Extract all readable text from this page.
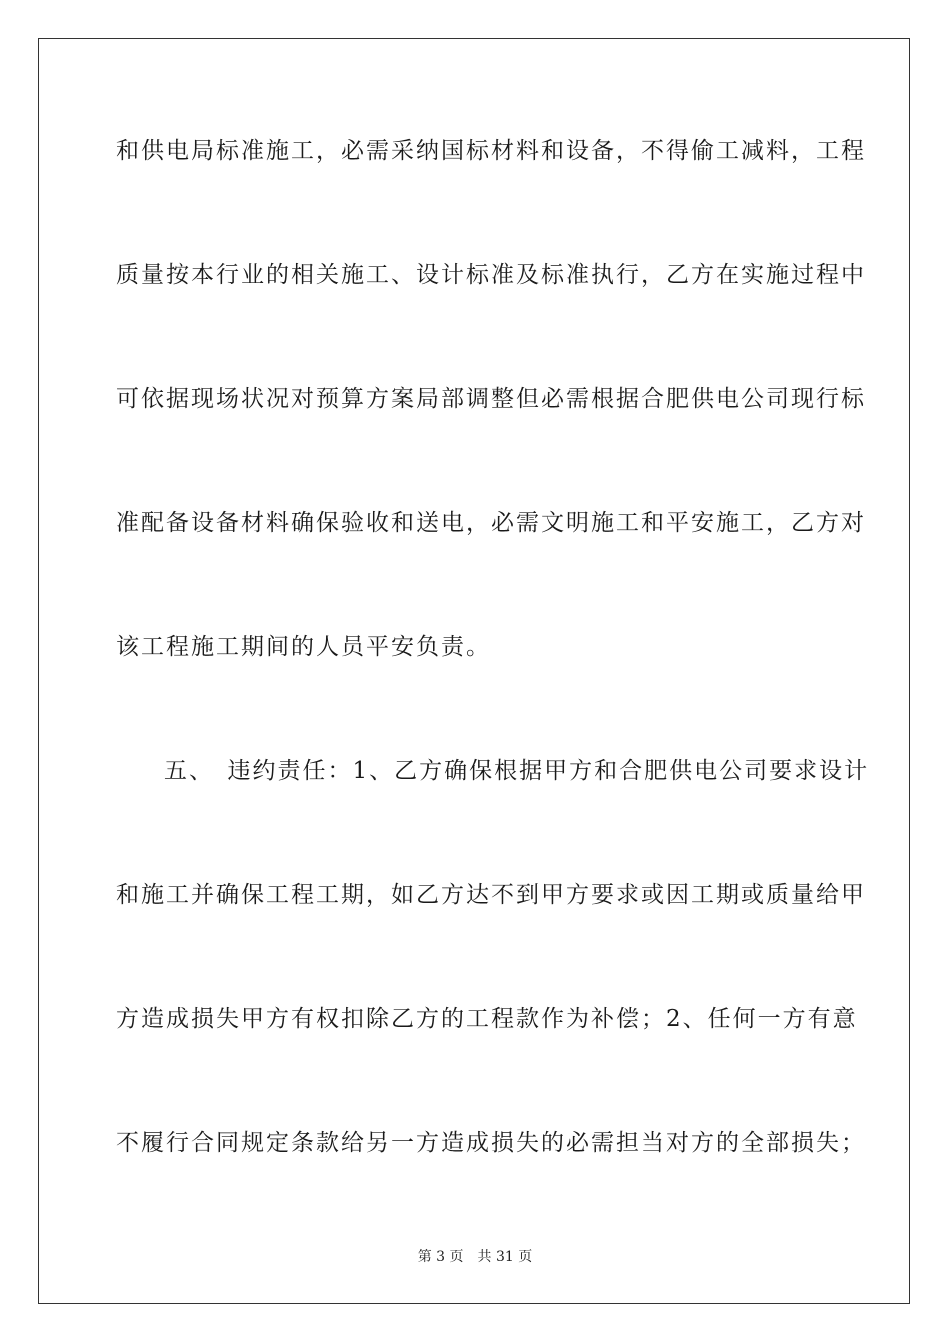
和供电局标准施工，必需采纳国标材料和设备，不得偷工减料，工程
质量按本行业的相关施工、设计标准及标准执行，乙方在实施过程中
可依据现场状况对预算方案局部调整但必需根据合肥供电公司现行标
准配备设备材料确保验收和送电，必需文明施工和平安施工，乙方对
该工程施工期间的人员平安负责。
五、　违约责任：1、乙方确保根据甲方和合肥供电公司要求设计
和施工并确保工程工期，如乙方达不到甲方要求或因工期或质量给甲
方造成损失甲方有权扣除乙方的工程款作为补偿；2、任何一方有意
不履行合同规定条款给另一方造成损失的必需担当对方的全部损失；
第 3 页　共 31 页
